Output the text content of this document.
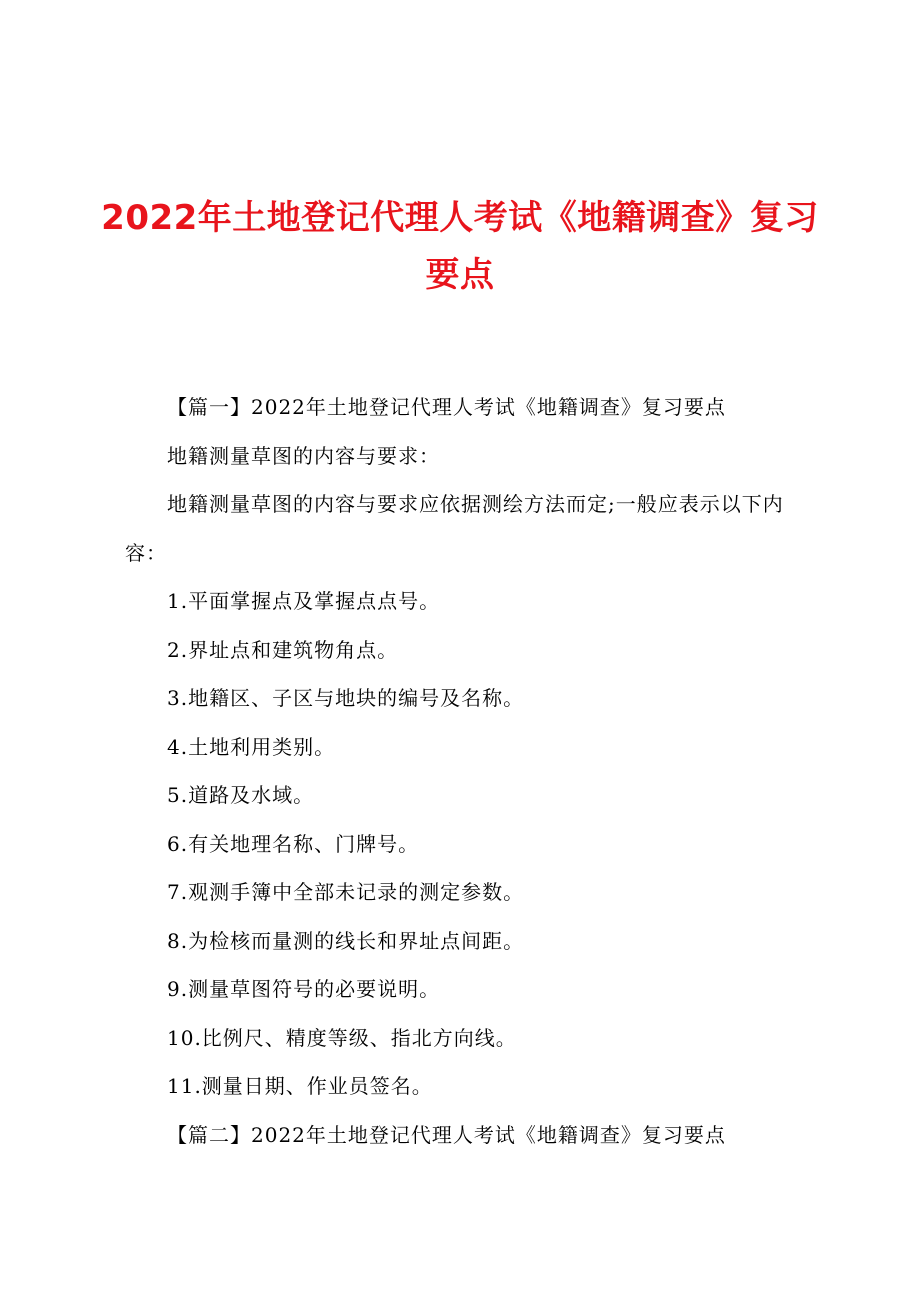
2022年土地登记代理人考试《地籍调查》复习
要点

【篇一】2022年土地登记代理人考试《地籍调查》复习要点

地籍测量草图的内容与要求：

地籍测量草图的内容与要求应依据测绘方法而定;一般应表示以下内容：

1.平面掌握点及掌握点点号。

2.界址点和建筑物角点。

3.地籍区、子区与地块的编号及名称。

4.土地利用类别。

5.道路及水域。

6.有关地理名称、门牌号。

7.观测手簿中全部未记录的测定参数。

8.为检核而量测的线长和界址点间距。

9.测量草图符号的必要说明。

10.比例尺、精度等级、指北方向线。

11.测量日期、作业员签名。

【篇二】2022年土地登记代理人考试《地籍调查》复习要点
